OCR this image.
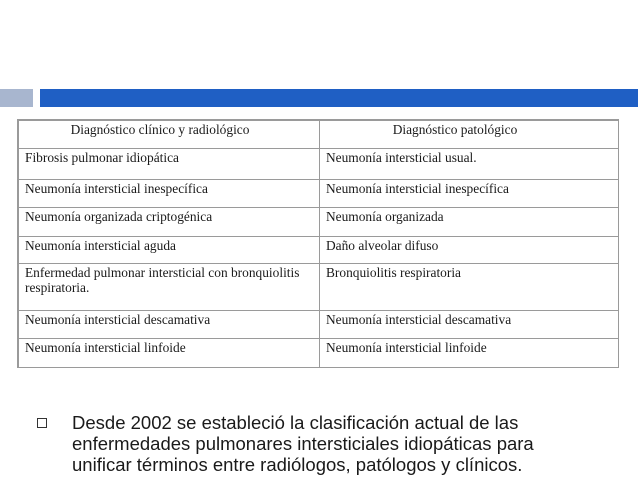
Diagnóstico clínico y radiológico	Diagnóstico patológico
Fibrosis pulmonar idiopática	Neumonía intersticial usual.
Neumonía intersticial inespecífica	Neumonía intersticial inespecífica
Neumonía organizada criptogénica	Neumonía organizada
Neumonía intersticial aguda	Daño alveolar difuso
Enfermedad pulmonar intersticial con bronquiolitis respiratoria.	Bronquiolitis respiratoria
Neumonía intersticial descamativa	Neumonía intersticial descamativa
Neumonía intersticial linfoide	Neumonía intersticial linfoide
Desde 2002 se estableció la clasificación actual de las enfermedades pulmonares intersticiales idiopáticas para unificar términos entre radiólogos, patólogos y clínicos.
